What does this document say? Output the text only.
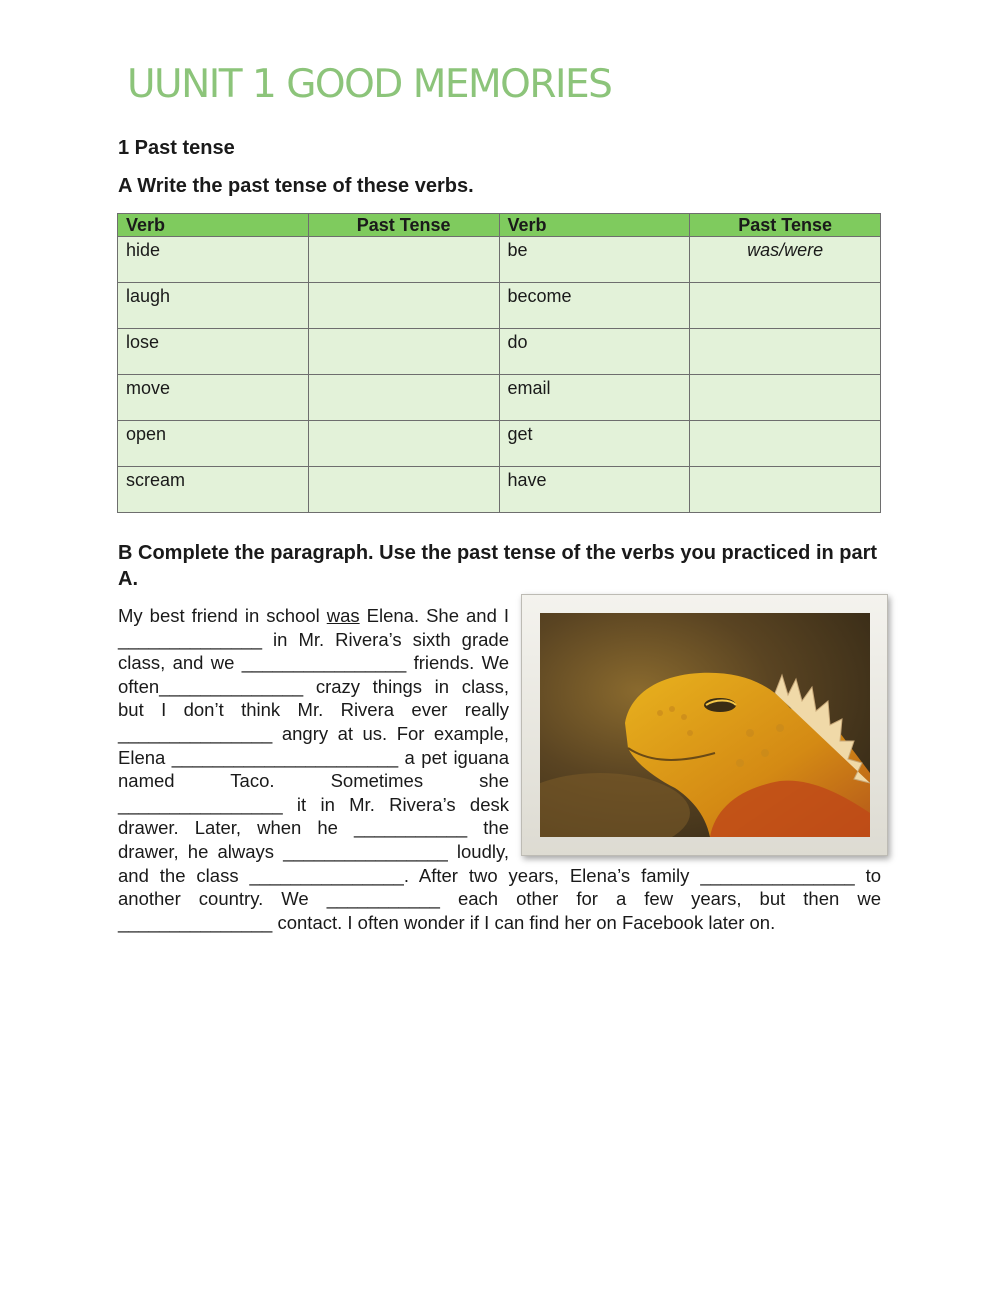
UUNIT 1 GOOD MEMORIES
1 Past tense
A Write the past tense of these verbs.
Verb	Past Tense	Verb	Past Tense
hide		be	was/were
laugh		become	
lose		do	
move		email	
open		get	
scream		have	
B Complete the paragraph. Use the past tense of the verbs you practiced in part A.
My best friend in school was Elena. She and I ______________ in Mr. Rivera’s sixth grade class, and we ________________ friends. We often______________ crazy things in class, but I don’t think Mr. Rivera ever really _______________ angry at us. For example, Elena ______________________ a pet iguana named Taco. Sometimes she ________________ it in Mr. Rivera’s desk drawer. Later, when he ___________ the drawer, he always ________________ loudly, and the class _______________. After two years, Elena’s family _______________ to another country. We ___________ each other for a few years, but then we _______________ contact. I often wonder if I can find her on Facebook later on.
